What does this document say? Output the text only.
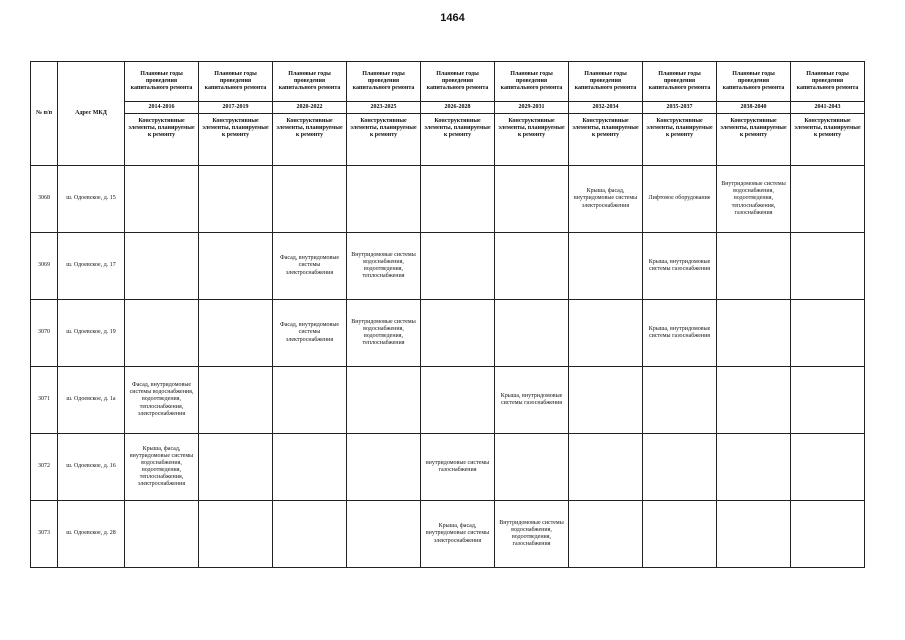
1464
№ п/п	Адрес МКД	Плановые годы проведения капитального ремонта	Плановые годы проведения капитального ремонта	Плановые годы проведения капитального ремонта	Плановые годы проведения капитального ремонта	Плановые годы проведения капитального ремонта	Плановые годы проведения капитального ремонта	Плановые годы проведения капитального ремонта	Плановые годы проведения капитального ремонта	Плановые годы проведения капитального ремонта	Плановые годы проведения капитального ремонта
		2014-2016	2017-2019	2020-2022	2023-2025	2026-2028	2029-2031	2032-2034	2035-2037	2038-2040	2041-2043
		Конструктивные элементы, планируемые к ремонту	Конструктивные элементы, планируемые к ремонту	Конструктивные элементы, планируемые к ремонту	Конструктивные элементы, планируемые к ремонту	Конструктивные элементы, планируемые к ремонту	Конструктивные элементы, планируемые к ремонту	Конструктивные элементы, планируемые к ремонту	Конструктивные элементы, планируемые к ремонту	Конструктивные элементы, планируемые к ремонту	Конструктивные элементы, планируемые к ремонту
3068	ш. Одоевское, д. 15							Крыша, фасад, внутридомовые системы электроснабжения	Лифтовое оборудование	Внутридомовые системы водоснабжения, водоотведения, теплоснабжения, газоснабжения	
3069	ш. Одоевское, д. 17			Фасад, внутридомовые системы электроснабжения	Внутридомовые системы водоснабжения, водоотведения, теплоснабжения				Крыша, внутридомовые системы газоснабжения		
3070	ш. Одоевское, д. 19			Фасад, внутридомовые системы электроснабжения	Внутридомовые системы водоснабжения, водоотведения, теплоснабжения				Крыша, внутридомовые системы газоснабжения		
3071	ш. Одоевское, д. 1а	Фасад, внутридомовые системы водоснабжения, водоотведения, теплоснабжения, электроснабжения					Крыша, внутридомовые системы газоснабжения				
3072	ш. Одоевское, д. 16	Крыша, фасад, внутридомовые системы водоснабжения, водоотведения, теплоснабжения, электроснабжения				внутридомовые системы газоснабжения					
3073	ш. Одоевское, д. 28					Крыша, фасад, внутридомовые системы электроснабжения	Внутридомовые системы водоснабжения, водоотведения, газоснабжения				
